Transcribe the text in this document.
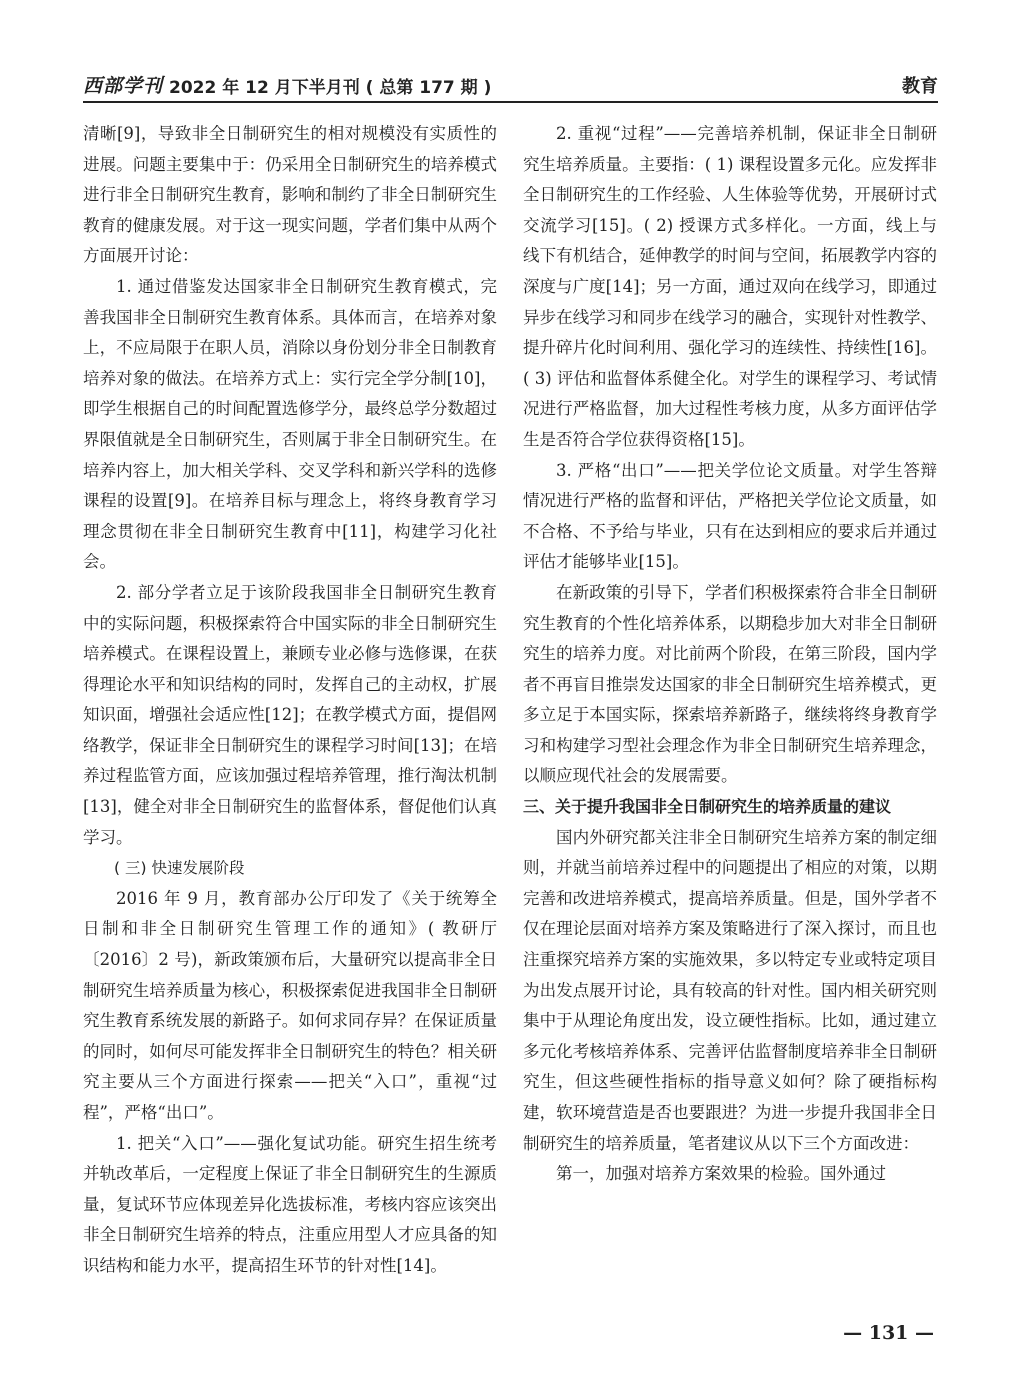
西部学刊 2022 年 12 月下半月刊 ( 总第 177 期 )	教育

清晰[9]，导致非全日制研究生的相对规模没有实质性的进展。问题主要集中于：仍采用全日制研究生的培养模式进行非全日制研究生教育，影响和制约了非全日制研究生教育的健康发展。对于这一现实问题，学者们集中从两个方面展开讨论：

1. 通过借鉴发达国家非全日制研究生教育模式，完善我国非全日制研究生教育体系。具体而言，在培养对象上，不应局限于在职人员，消除以身份划分非全日制教育培养对象的做法。在培养方式上：实行完全学分制[10]，即学生根据自己的时间配置选修学分，最终总学分数超过界限值就是全日制研究生，否则属于非全日制研究生。在培养内容上，加大相关学科、交叉学科和新兴学科的选修课程的设置[9]。在培养目标与理念上，将终身教育学习理念贯彻在非全日制研究生教育中[11]，构建学习化社会。

2. 部分学者立足于该阶段我国非全日制研究生教育中的实际问题，积极探索符合中国实际的非全日制研究生培养模式。在课程设置上，兼顾专业必修与选修课，在获得理论水平和知识结构的同时，发挥自己的主动权，扩展知识面，增强社会适应性[12]；在教学模式方面，提倡网络教学，保证非全日制研究生的课程学习时间[13]；在培养过程监管方面，应该加强过程培养管理，推行淘汰机制[13]，健全对非全日制研究生的监督体系，督促他们认真学习。

( 三) 快速发展阶段

2016 年 9 月，教育部办公厅印发了《关于统筹全日制和非全日制研究生管理工作的通知》( 教研厅〔2016〕2 号)，新政策颁布后，大量研究以提高非全日制研究生培养质量为核心，积极探索促进我国非全日制研究生教育系统发展的新路子。如何求同存异？在保证质量的同时，如何尽可能发挥非全日制研究生的特色？相关研究主要从三个方面进行探索——把关“入口”，重视“过程”，严格“出口”。

1. 把关“入口”——强化复试功能。研究生招生统考并轨改革后，一定程度上保证了非全日制研究生的生源质量，复试环节应体现差异化选拔标准，考核内容应该突出非全日制研究生培养的特点，注重应用型人才应具备的知识结构和能力水平，提高招生环节的针对性[14]。

2. 重视“过程”——完善培养机制，保证非全日制研究生培养质量。主要指：( 1) 课程设置多元化。应发挥非全日制研究生的工作经验、人生体验等优势，开展研讨式交流学习[15]。( 2) 授课方式多样化。一方面，线上与线下有机结合，延伸教学的时间与空间，拓展教学内容的深度与广度[14]；另一方面，通过双向在线学习，即通过异步在线学习和同步在线学习的融合，实现针对性教学、提升碎片化时间利用、强化学习的连续性、持续性[16]。( 3) 评估和监督体系健全化。对学生的课程学习、考试情况进行严格监督，加大过程性考核力度，从多方面评估学生是否符合学位获得资格[15]。

3. 严格“出口”——把关学位论文质量。对学生答辩情况进行严格的监督和评估，严格把关学位论文质量，如不合格、不予给与毕业，只有在达到相应的要求后并通过评估才能够毕业[15]。

在新政策的引导下，学者们积极探索符合非全日制研究生教育的个性化培养体系，以期稳步加大对非全日制研究生的培养力度。对比前两个阶段，在第三阶段，国内学者不再盲目推崇发达国家的非全日制研究生培养模式，更多立足于本国实际，探索培养新路子，继续将终身教育学习和构建学习型社会理念作为非全日制研究生培养理念，以顺应现代社会的发展需要。

三、关于提升我国非全日制研究生的培养质量的建议

国内外研究都关注非全日制研究生培养方案的制定细则，并就当前培养过程中的问题提出了相应的对策，以期完善和改进培养模式，提高培养质量。但是，国外学者不仅在理论层面对培养方案及策略进行了深入探讨，而且也注重探究培养方案的实施效果，多以特定专业或特定项目为出发点展开讨论，具有较高的针对性。国内相关研究则集中于从理论角度出发，设立硬性指标。比如，通过建立多元化考核培养体系、完善评估监督制度培养非全日制研究生，但这些硬性指标的指导意义如何？除了硬指标构建，软环境营造是否也要跟进？为进一步提升我国非全日制研究生的培养质量，笔者建议从以下三个方面改进：

第一，加强对培养方案效果的检验。国外通过

— 131 —
